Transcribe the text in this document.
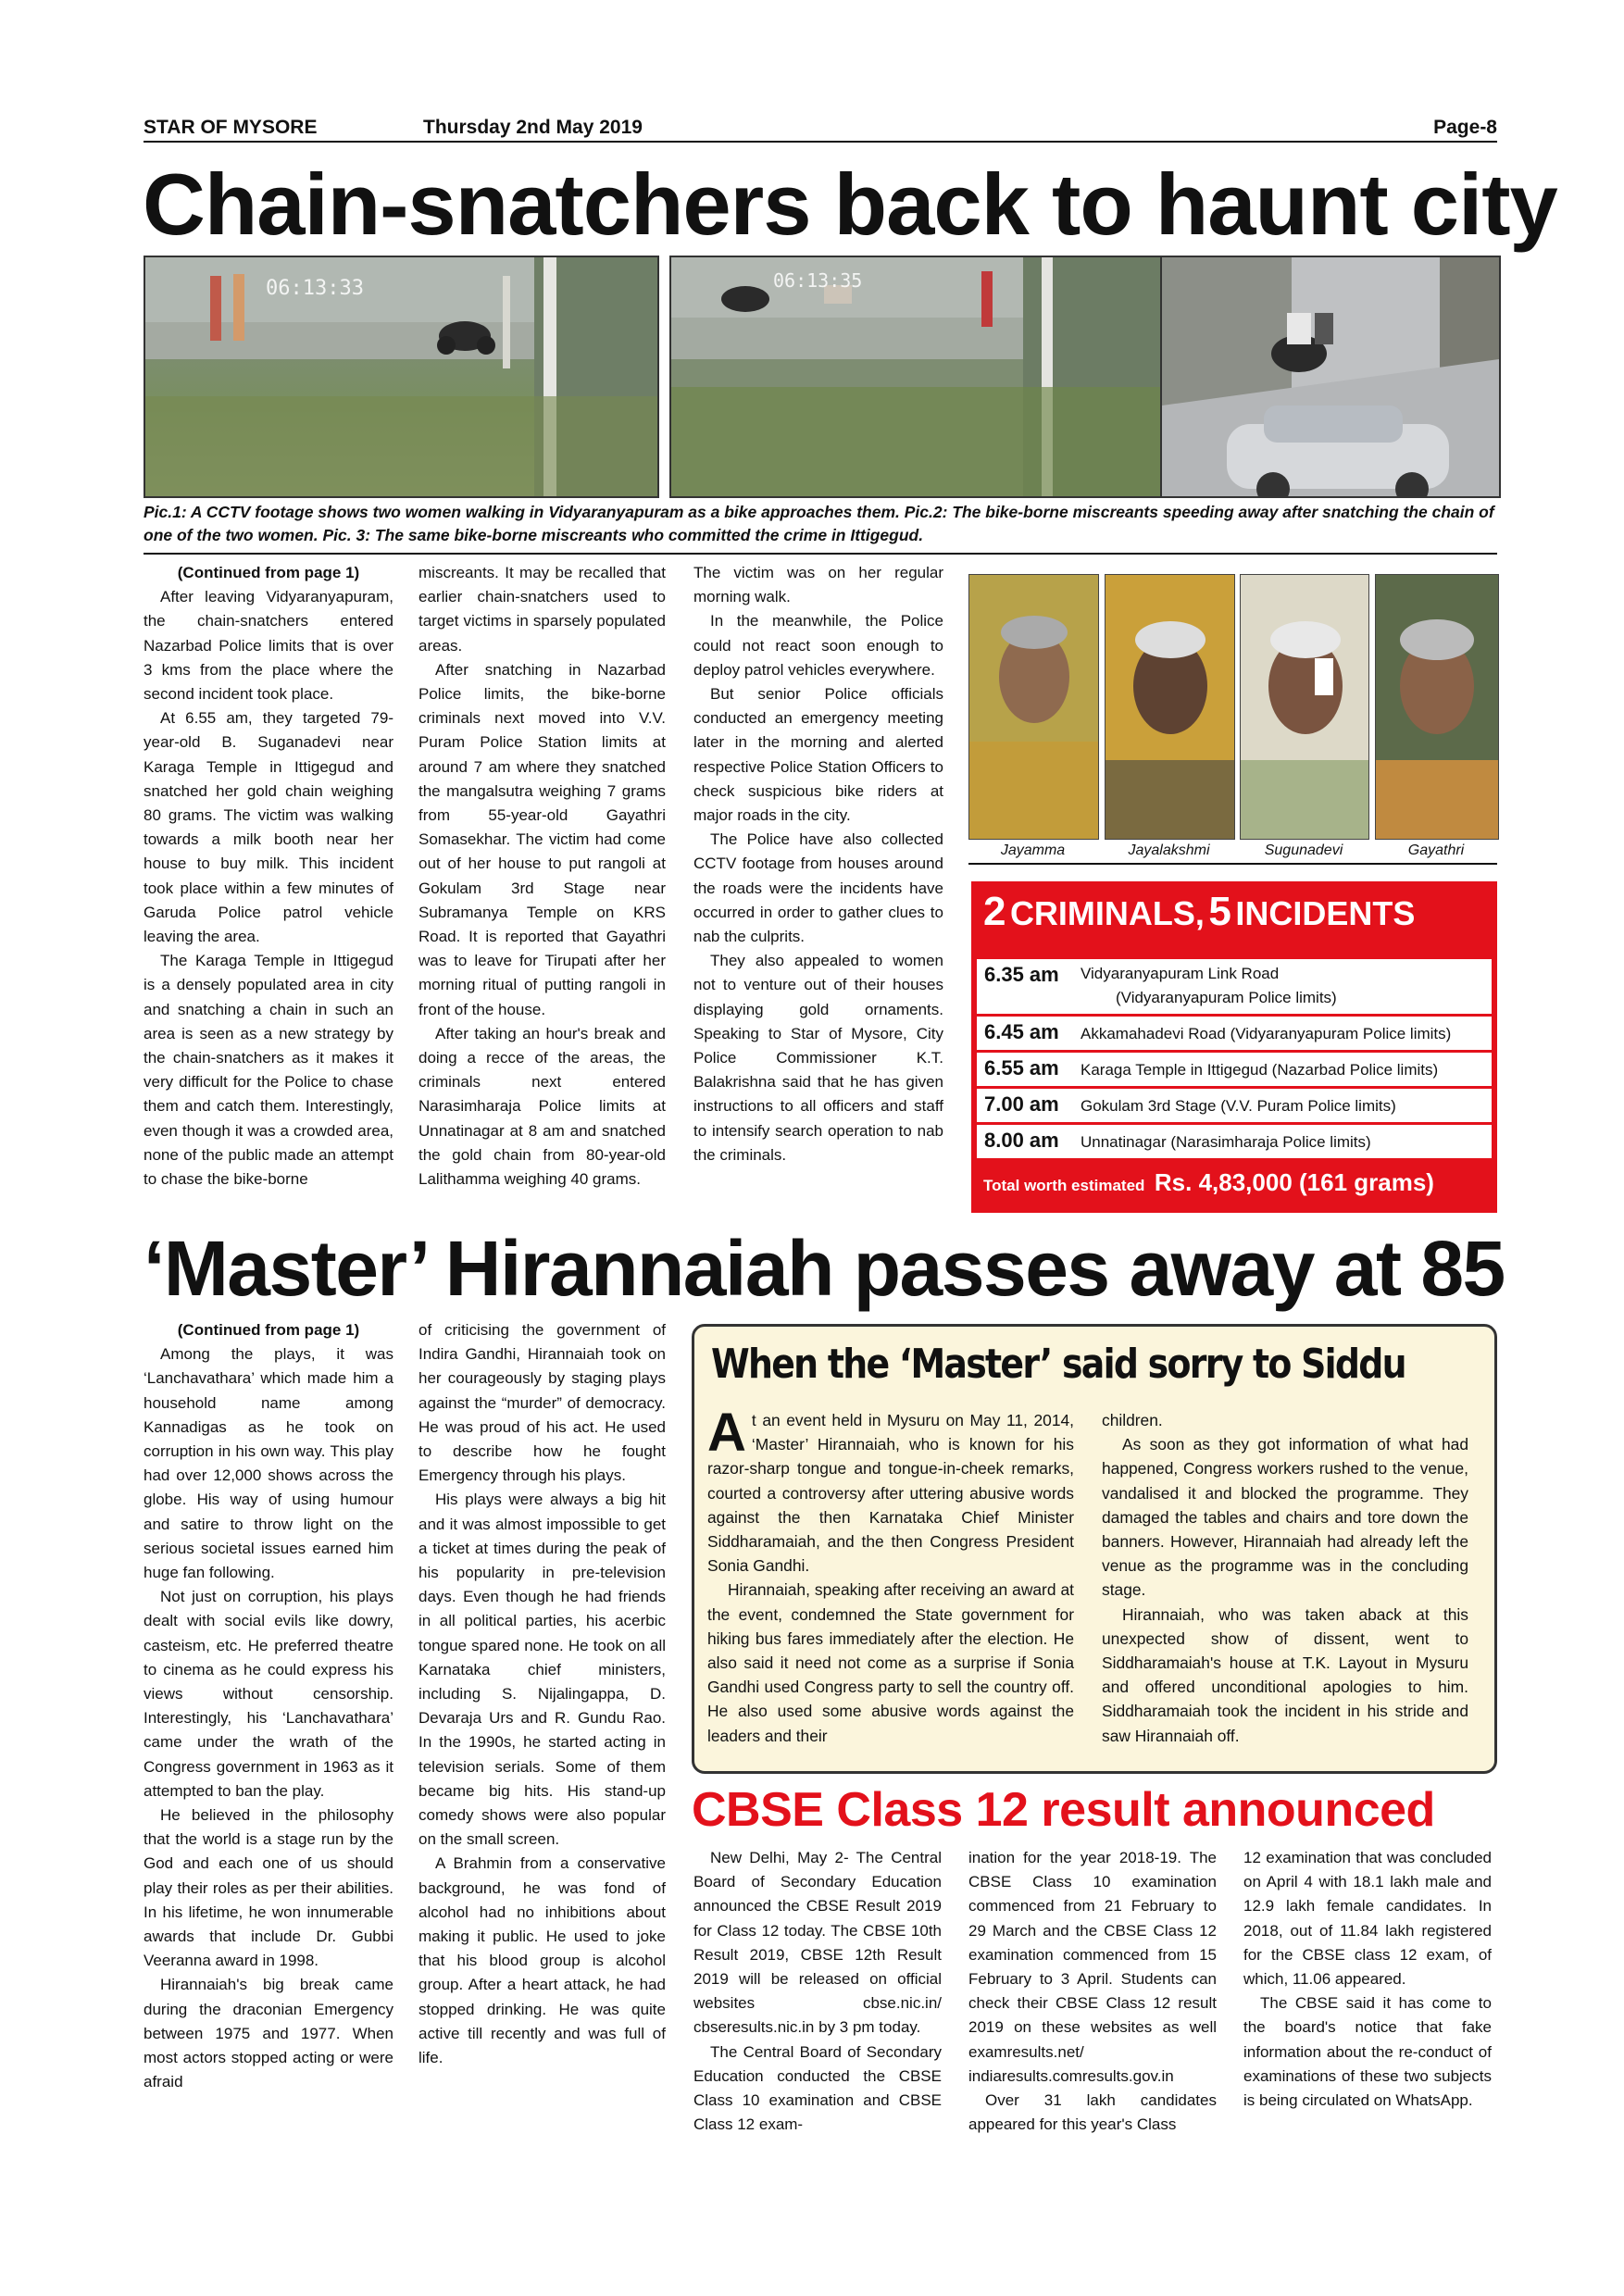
STAR OF MYSORE	Thursday 2nd May 2019	Page-8
Chain-snatchers back to haunt city
06:13:33	06:13:35
Pic.1: A CCTV footage shows two women walking in Vidyaranyapuram as a bike approaches them. Pic.2: The bike-borne miscreants speeding away after snatching the chain of one of the two women. Pic. 3: The same bike-borne miscreants who committed the crime in Ittigegud.

(Continued from page 1)

After leaving Vidyaranyapuram, the chain-snatchers entered Nazarbad Police limits that is over 3 kms from the place where the second incident took place.

At 6.55 am, they targeted 79-year-old B. Suganadevi near Karaga Temple in Ittigegud and snatched her gold chain weighing 80 grams. The victim was walking towards a milk booth near her house to buy milk. This incident took place within a few minutes of Garuda Police patrol vehicle leaving the area.

The Karaga Temple in Ittigegud is a densely populated area in city and snatching a chain in such an area is seen as a new strategy by the chain-snatchers as it makes it very difficult for the Police to chase them and catch them. Interestingly, even though it was a crowded area, none of the public made an attempt to chase the bike-borne

miscreants. It may be recalled that earlier chain-snatchers used to target victims in sparsely populated areas.

After snatching in Nazarbad Police limits, the bike-borne criminals next moved into V.V. Puram Police Station limits at around 7 am where they snatched the mangalsutra weighing 7 grams from 55-year-old Gayathri Somasekhar. The victim had come out of her house to put rangoli at Gokulam 3rd Stage near Subramanya Temple on KRS Road. It is reported that Gayathri was to leave for Tirupati after her morning ritual of putting rangoli in front of the house.

After taking an hour's break and doing a recce of the areas, the criminals next entered Narasimharaja Police limits at Unnatinagar at 8 am and snatched the gold chain from 80-year-old Lalithamma weighing 40 grams.

The victim was on her regular morning walk.

In the meanwhile, the Police could not react soon enough to deploy patrol vehicles everywhere.

But senior Police officials conducted an emergency meeting later in the morning and alerted respective Police Station Officers to check suspicious bike riders at major roads in the city.

The Police have also collected CCTV footage from houses around the roads were the incidents have occurred in order to gather clues to nab the culprits.

They also appealed to women not to venture out of their houses displaying gold ornaments. Speaking to Star of Mysore, City Police Commissioner K.T. Balakrishna said that he has given instructions to all officers and staff to intensify search operation to nab the criminals.

Jayamma	Jayalakshmi	Sugunadevi	Gayathri
2 CRIMINALS, 5 INCIDENTS
6.35 am Vidyaranyapuram Link Road
(Vidyaranyapuram Police limits)
6.45 am Akkamahadevi Road (Vidyaranyapuram Police limits)
6.55 am Karaga Temple in Ittigegud (Nazarbad Police limits)
7.00 am Gokulam 3rd Stage (V.V. Puram Police limits)
8.00 am Unnatinagar (Narasimharaja Police limits)
Total worth estimated Rs. 4,83,000 (161 grams)
‘Master’ Hirannaiah passes away at 85

(Continued from page 1)

Among the plays, it was ‘Lanchavathara’ which made him a household name among Kannadigas as he took on corruption in his own way. This play had over 12,000 shows across the globe. His way of using humour and satire to throw light on the serious societal issues earned him huge fan following.

Not just on corruption, his plays dealt with social evils like dowry, casteism, etc. He preferred theatre to cinema as he could express his views without censorship. Interestingly, his ‘Lanchavathara’ came under the wrath of the Congress government in 1963 as it attempted to ban the play.

He believed in the philosophy that the world is a stage run by the God and each one of us should play their roles as per their abilities. In his lifetime, he won innumerable awards that include Dr. Gubbi Veeranna award in 1998.

Hirannaiah's big break came during the draconian Emergency between 1975 and 1977. When most actors stopped acting or were afraid

of criticising the government of Indira Gandhi, Hirannaiah took on her courageously by staging plays against the “murder” of democracy. He was proud of his act. He used to describe how he fought Emergency through his plays.

His plays were always a big hit and it was almost impossible to get a ticket at times during the peak of his popularity in pre-television days. Even though he had friends in all political parties, his acerbic tongue spared none. He took on all Karnataka chief ministers, including S. Nijalingappa, D. Devaraja Urs and R. Gundu Rao. In the 1990s, he started acting in television serials. Some of them became big hits. His stand-up comedy shows were also popular on the small screen.

A Brahmin from a conservative background, he was fond of alcohol had no inhibitions about making it public. He used to joke that his blood group is alcohol group. After a heart attack, he had stopped drinking. He was quite active till recently and was full of life.

When the ‘Master’ said sorry to Siddu

At an event held in Mysuru on May 11, 2014, ‘Master’ Hirannaiah, who is known for his razor-sharp tongue and tongue-in-cheek remarks, courted a controversy after uttering abusive words against the then Karnataka Chief Minister Siddharamaiah, and the then Congress President Sonia Gandhi.

Hirannaiah, speaking after receiving an award at the event, condemned the State government for hiking bus fares immediately after the election. He also said it need not come as a surprise if Sonia Gandhi used Congress party to sell the country off. He also used some abusive words against the leaders and their

children.

As soon as they got information of what had happened, Congress workers rushed to the venue, vandalised it and blocked the programme. They damaged the tables and chairs and tore down the banners. However, Hirannaiah had already left the venue as the programme was in the concluding stage.

Hirannaiah, who was taken aback at this unexpected show of dissent, went to Siddharamaiah's house at T.K. Layout in Mysuru and offered unconditional apologies to him. Siddharamaiah took the incident in his stride and saw Hirannaiah off.

CBSE Class 12 result announced

New Delhi, May 2- The Central Board of Secondary Education announced the CBSE Result 2019 for Class 12 today. The CBSE 10th Result 2019, CBSE 12th Result 2019 will be released on official websites cbse.nic.in/ cbseresults.nic.in by 3 pm today.

The Central Board of Secondary Education conducted the CBSE Class 10 examination and CBSE Class 12 exam-

ination for the year 2018-19. The CBSE Class 10 examination commenced from 21 February to 29 March and the CBSE Class 12 examination commenced from 15 February to 3 April. Students can check their CBSE Class 12 result 2019 on these websites as well examresults.net/ indiaresults.comresults.gov.in

Over 31 lakh candidates appeared for this year's Class

12 examination that was concluded on April 4 with 18.1 lakh male and 12.9 lakh female candidates. In 2018, out of 11.84 lakh registered for the CBSE class 12 exam, of which, 11.06 appeared.

The CBSE said it has come to the board's notice that fake information about the re-conduct of examinations of these two subjects is being circulated on WhatsApp.
